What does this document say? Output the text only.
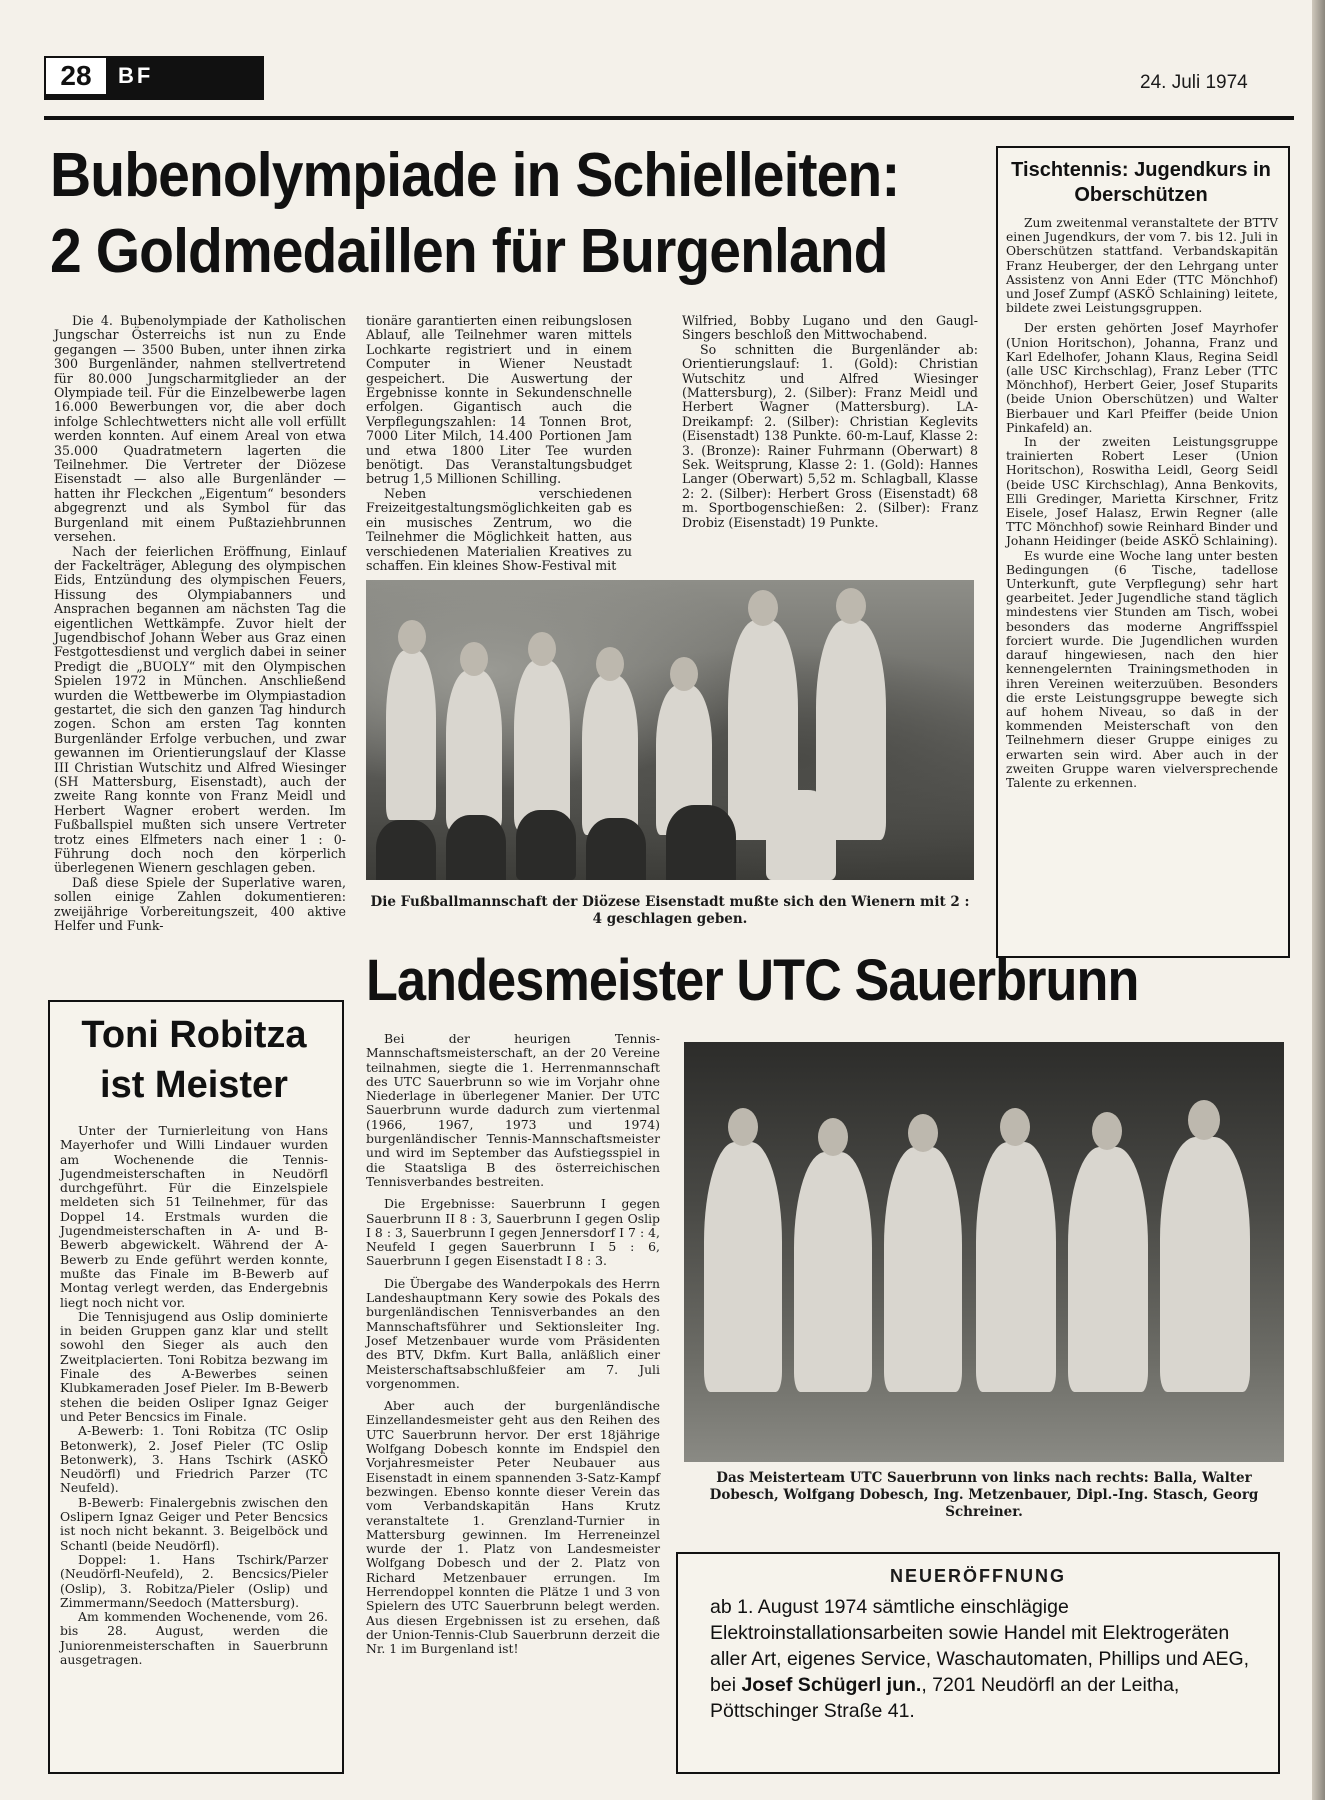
28	BF	24. Juli 1974
Bubenolympiade in Schielleiten:
2 Goldmedaillen für Burgenland

Die 4. Bubenolympiade der Katholischen Jungschar Österreichs ist nun zu Ende gegangen — 3500 Buben, unter ihnen zirka 300 Burgenländer, nahmen stellvertretend für 80.000 Jungscharmitglieder an der Olympiade teil. Für die Einzelbewerbe lagen 16.000 Bewerbungen vor, die aber doch infolge Schlechtwetters nicht alle voll erfüllt werden konnten. Auf einem Areal von etwa 35.000 Quadratmetern lagerten die Teilnehmer. Die Vertreter der Diözese Eisenstadt — also alle Burgenländer — hatten ihr Fleckchen „Eigentum“ besonders abgegrenzt und als Symbol für das Burgenland mit einem Pußtaziehbrunnen versehen.

Nach der feierlichen Eröffnung, Einlauf der Fackelträger, Ablegung des olympischen Eids, Entzündung des olympischen Feuers, Hissung des Olympiabanners und Ansprachen begannen am nächsten Tag die eigentlichen Wettkämpfe. Zuvor hielt der Jugendbischof Johann Weber aus Graz einen Festgottesdienst und verglich dabei in seiner Predigt die „BUOLY“ mit den Olympischen Spielen 1972 in München. Anschließend wurden die Wettbewerbe im Olympiastadion gestartet, die sich den ganzen Tag hindurch zogen. Schon am ersten Tag konnten Burgenländer Erfolge verbuchen, und zwar gewannen im Orientierungslauf der Klasse III Christian Wutschitz und Alfred Wiesinger (SH Mattersburg, Eisenstadt), auch der zweite Rang konnte von Franz Meidl und Herbert Wagner erobert werden. Im Fußballspiel mußten sich unsere Vertreter trotz eines Elfmeters nach einer 1 : 0-Führung doch noch den körperlich überlegenen Wienern geschlagen geben.

Daß diese Spiele der Superlative waren, sollen einige Zahlen dokumentieren: zweijährige Vorbereitungszeit, 400 aktive Helfer und Funk-

tionäre garantierten einen reibungslosen Ablauf, alle Teilnehmer waren mittels Lochkarte registriert und in einem Computer in Wiener Neustadt gespeichert. Die Auswertung der Ergebnisse konnte in Sekundenschnelle erfolgen. Gigantisch auch die Verpflegungszahlen: 14 Tonnen Brot, 7000 Liter Milch, 14.400 Portionen Jam und etwa 1800 Liter Tee wurden benötigt. Das Veranstaltungsbudget betrug 1,5 Millionen Schilling.

Neben verschiedenen Freizeitgestaltungsmöglichkeiten gab es ein musisches Zentrum, wo die Teilnehmer die Möglichkeit hatten, aus verschiedenen Materialien Kreatives zu schaffen. Ein kleines Show-Festival mit

Wilfried, Bobby Lugano und den Gaugl-Singers beschloß den Mittwochabend.

So schnitten die Burgenländer ab: Orientierungslauf: 1. (Gold): Christian Wutschitz und Alfred Wiesinger (Mattersburg), 2. (Silber): Franz Meidl und Herbert Wagner (Mattersburg). LA-Dreikampf: 2. (Silber): Christian Keglevits (Eisenstadt) 138 Punkte. 60-m-Lauf, Klasse 2: 3. (Bronze): Rainer Fuhrmann (Oberwart) 8 Sek. Weitsprung, Klasse 2: 1. (Gold): Hannes Langer (Oberwart) 5,52 m. Schlagball, Klasse 2: 2. (Silber): Herbert Gross (Eisenstadt) 68 m. Sportbogenschießen: 2. (Silber): Franz Drobiz (Eisenstadt) 19 Punkte.

Die Fußballmannschaft der Diözese Eisenstadt mußte sich den Wienern mit 2 : 4 geschlagen geben.
Tischtennis: Jugendkurs in Oberschützen

Zum zweitenmal veranstaltete der BTTV einen Jugendkurs, der vom 7. bis 12. Juli in Oberschützen stattfand. Verbandskapitän Franz Heuberger, der den Lehrgang unter Assistenz von Anni Eder (TTC Mönchhof) und Josef Zumpf (ASKÖ Schlaining) leitete, bildete zwei Leistungsgruppen.

Der ersten gehörten Josef Mayrhofer (Union Horitschon), Johanna, Franz und Karl Edelhofer, Johann Klaus, Regina Seidl (alle USC Kirchschlag), Franz Leber (TTC Mönchhof), Herbert Geier, Josef Stuparits (beide Union Oberschützen) und Walter Bierbauer und Karl Pfeiffer (beide Union Pinkafeld) an.

In der zweiten Leistungsgruppe trainierten Robert Leser (Union Horitschon), Roswitha Leidl, Georg Seidl (beide USC Kirchschlag), Anna Benkovits, Elli Gredinger, Marietta Kirschner, Fritz Eisele, Josef Halasz, Erwin Regner (alle TTC Mönchhof) sowie Reinhard Binder und Johann Heidinger (beide ASKÖ Schlaining).

Es wurde eine Woche lang unter besten Bedingungen (6 Tische, tadellose Unterkunft, gute Verpflegung) sehr hart gearbeitet. Jeder Jugendliche stand täglich mindestens vier Stunden am Tisch, wobei besonders das moderne Angriffsspiel forciert wurde. Die Jugendlichen wurden darauf hingewiesen, nach den hier kennengelernten Trainingsmethoden in ihren Vereinen weiterzuüben. Besonders die erste Leistungsgruppe bewegte sich auf hohem Niveau, so daß in der kommenden Meisterschaft von den Teilnehmern dieser Gruppe einiges zu erwarten sein wird. Aber auch in der zweiten Gruppe waren vielversprechende Talente zu erkennen.

Toni Robitza
ist Meister

Unter der Turnierleitung von Hans Mayerhofer und Willi Lindauer wurden am Wochenende die Tennis-Jugendmeisterschaften in Neudörfl durchgeführt. Für die Einzelspiele meldeten sich 51 Teilnehmer, für das Doppel 14. Erstmals wurden die Jugendmeisterschaften in A- und B-Bewerb abgewickelt. Während der A-Bewerb zu Ende geführt werden konnte, mußte das Finale im B-Bewerb auf Montag verlegt werden, das Endergebnis liegt noch nicht vor.

Die Tennisjugend aus Oslip dominierte in beiden Gruppen ganz klar und stellt sowohl den Sieger als auch den Zweitplacierten. Toni Robitza bezwang im Finale des A-Bewerbes seinen Klubkameraden Josef Pieler. Im B-Bewerb stehen die beiden Osliper Ignaz Geiger und Peter Bencsics im Finale.

A-Bewerb: 1. Toni Robitza (TC Oslip Betonwerk), 2. Josef Pieler (TC Oslip Betonwerk), 3. Hans Tschirk (ASKÖ Neudörfl) und Friedrich Parzer (TC Neufeld).

B-Bewerb: Finalergebnis zwischen den Oslipern Ignaz Geiger und Peter Bencsics ist noch nicht bekannt. 3. Beigelböck und Schantl (beide Neudörfl).

Doppel: 1. Hans Tschirk/Parzer (Neudörfl-Neufeld), 2. Bencsics/Pieler (Oslip), 3. Robitza/Pieler (Oslip) und Zimmermann/Seedoch (Mattersburg).

Am kommenden Wochenende, vom 26. bis 28. August, werden die Juniorenmeisterschaften in Sauerbrunn ausgetragen.

Landesmeister UTC Sauerbrunn

Bei der heurigen Tennis-Mannschaftsmeisterschaft, an der 20 Vereine teilnahmen, siegte die 1. Herrenmannschaft des UTC Sauerbrunn so wie im Vorjahr ohne Niederlage in überlegener Manier. Der UTC Sauerbrunn wurde dadurch zum viertenmal (1966, 1967, 1973 und 1974) burgenländischer Tennis-Mannschaftsmeister und wird im September das Aufstiegsspiel in die Staatsliga B des österreichischen Tennisverbandes bestreiten.

Die Ergebnisse: Sauerbrunn I gegen Sauerbrunn II 8 : 3, Sauerbrunn I gegen Oslip I 8 : 3, Sauerbrunn I gegen Jennersdorf I 7 : 4, Neufeld I gegen Sauerbrunn I 5 : 6, Sauerbrunn I gegen Eisenstadt I 8 : 3.

Die Übergabe des Wanderpokals des Herrn Landeshauptmann Kery sowie des Pokals des burgenländischen Tennisverbandes an den Mannschaftsführer und Sektionsleiter Ing. Josef Metzenbauer wurde vom Präsidenten des BTV, Dkfm. Kurt Balla, anläßlich einer Meisterschaftsabschlußfeier am 7. Juli vorgenommen.

Aber auch der burgenländische Einzellandesmeister geht aus den Reihen des UTC Sauerbrunn hervor. Der erst 18jährige Wolfgang Dobesch konnte im Endspiel den Vorjahresmeister Peter Neubauer aus Eisenstadt in einem spannenden 3-Satz-Kampf bezwingen. Ebenso konnte dieser Verein das vom Verbandskapitän Hans Krutz veranstaltete 1. Grenzland-Turnier in Mattersburg gewinnen. Im Herreneinzel wurde der 1. Platz von Landesmeister Wolfgang Dobesch und der 2. Platz von Richard Metzenbauer errungen. Im Herrendoppel konnten die Plätze 1 und 3 von Spielern des UTC Sauerbrunn belegt werden. Aus diesen Ergebnissen ist zu ersehen, daß der Union-Tennis-Club Sauerbrunn derzeit die Nr. 1 im Burgenland ist!

Das Meisterteam UTC Sauerbrunn von links nach rechts: Balla, Walter Dobesch, Wolfgang Dobesch, Ing. Metzenbauer, Dipl.-Ing. Stasch, Georg Schreiner.
NEUERÖFFNUNG
ab 1. August 1974 sämtliche einschlägige Elektroinstallationsarbeiten sowie Handel mit Elektrogeräten aller Art, eigenes Service, Waschautomaten, Phillips und AEG, bei Josef Schügerl jun., 7201 Neudörfl an der Leitha, Pöttschinger Straße 41.
